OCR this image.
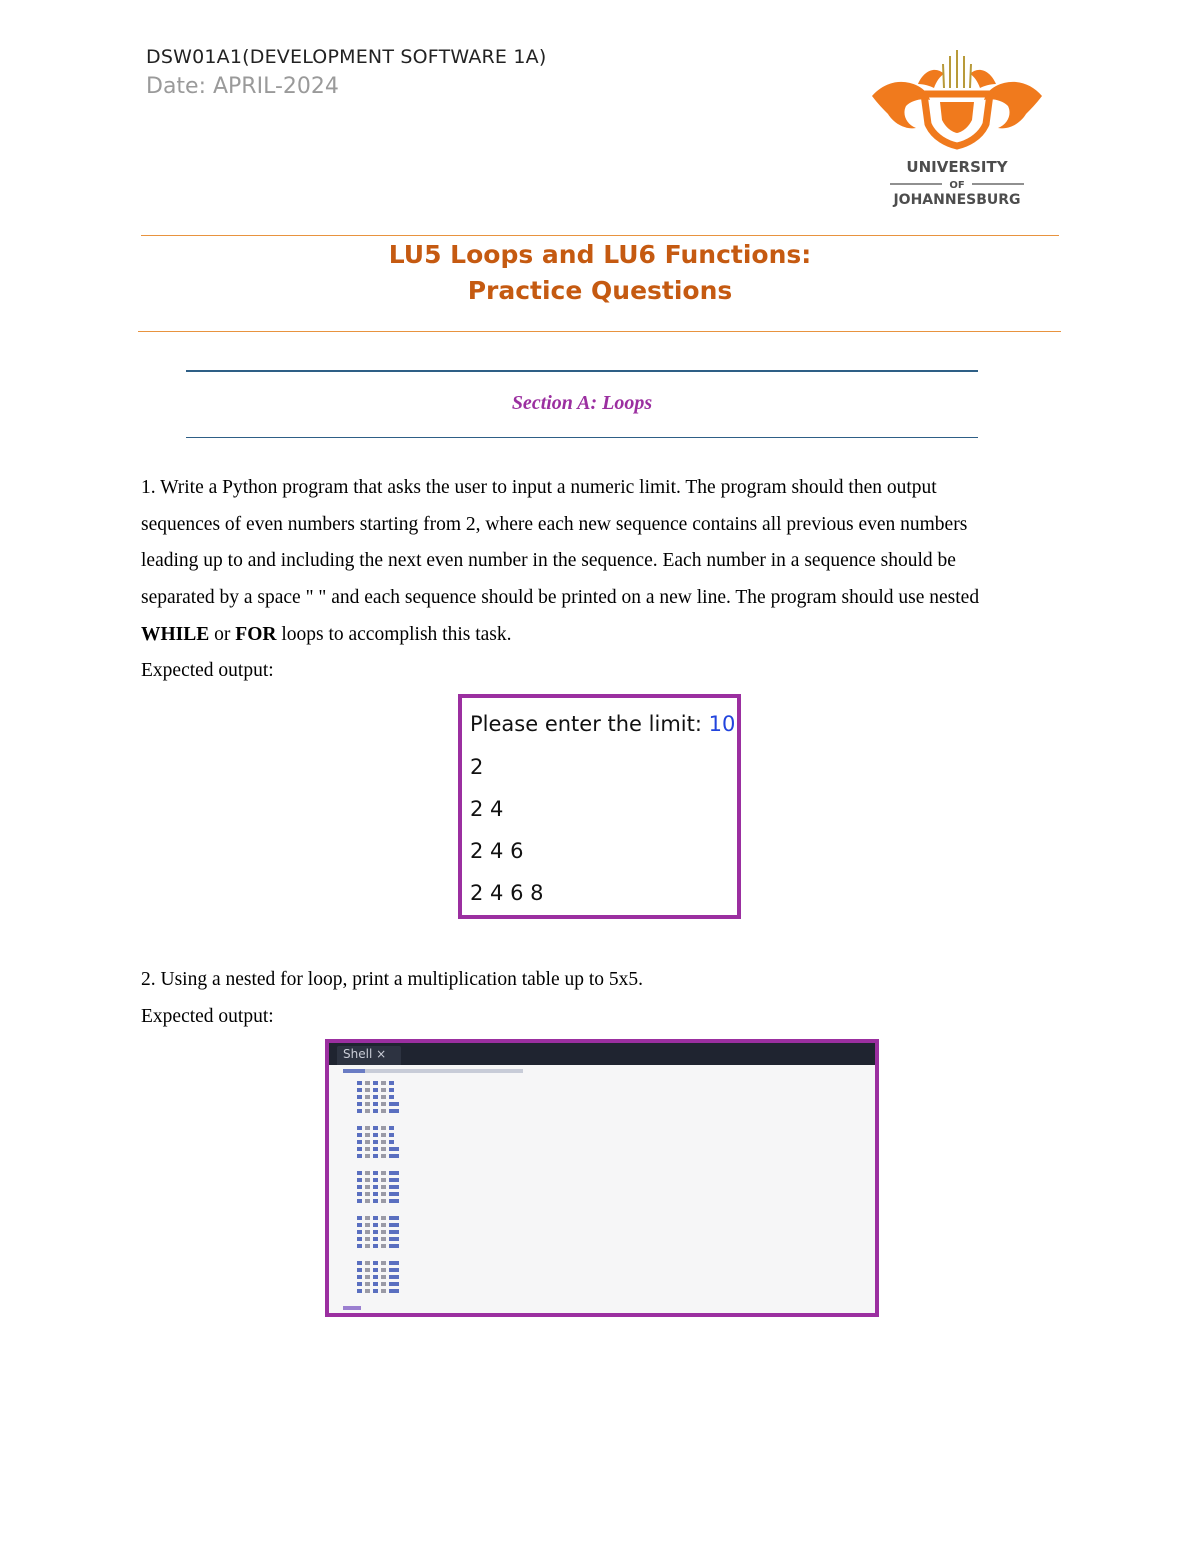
DSW01A1(DEVELOPMENT SOFTWARE 1A)
Date: APRIL-2024
UNIVERSITY
OF
JOHANNESBURG
LU5 Loops and LU6 Functions:
Practice Questions
Section A: Loops
1. Write a Python program that asks the user to input a numeric limit. The program should then output
sequences of even numbers starting from 2, where each new sequence contains all previous even numbers
leading up to and including the next even number in the sequence. Each number in a sequence should be
separated by a space " " and each sequence should be printed on a new line. The program should use nested
WHILE or FOR loops to accomplish this task.
Expected output:
Please enter the limit: 10
2
2 4
2 4 6
2 4 6 8
2. Using a nested for loop, print a multiplication table up to 5x5.
Expected output:
Shell ×
